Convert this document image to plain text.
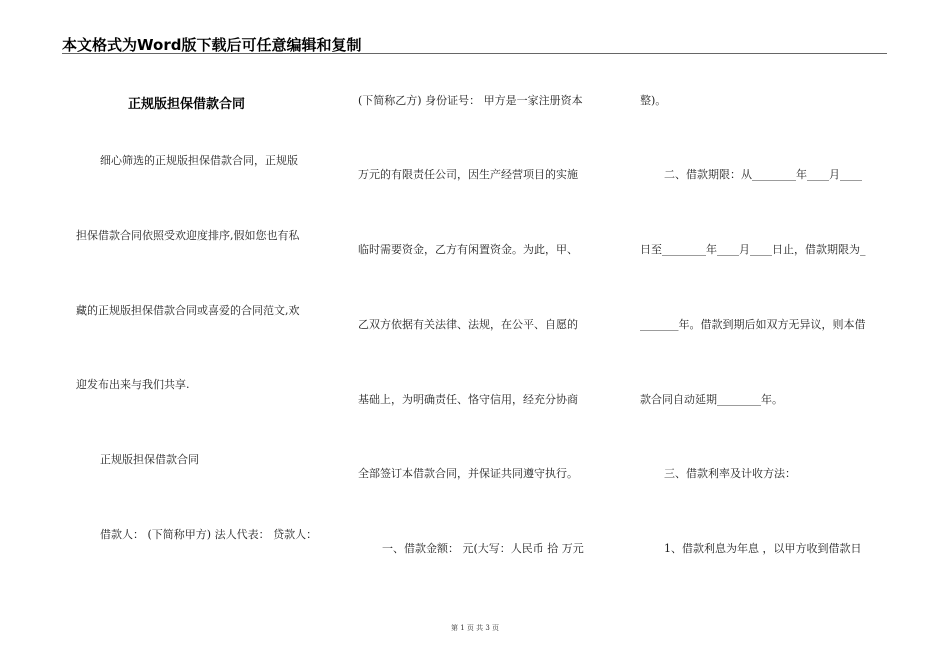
本文格式为Word版下载后可任意编辑和复制
正规版担保借款合同
细心筛选的正规版担保借款合同，正规版
担保借款合同依照受欢迎度排序,假如您也有私
藏的正规版担保借款合同或喜爱的合同范文,欢
迎发布出来与我们共享.
正规版担保借款合同
借款人： (下简称甲方) 法人代表： 贷款人：
(下简称乙方) 身份证号： 甲方是一家注册资本
万元的有限责任公司，因生产经营项目的实施
临时需要资金，乙方有闲置资金。为此，甲、
乙双方依据有关法律、法规，在公平、自愿的
基础上，为明确责任、恪守信用，经充分协商
全部签订本借款合同，并保证共同遵守执行。
一、借款金额： 元(大写：人民币 拾 万元
整)。
二、借款期限：从________年____月____
日至________年____月____日止，借款期限为_
_______年。借款到期后如双方无异议，则本借
款合同自动延期________年。
三、借款利率及计收方法：
1、借款利息为年息 ，以甲方收到借款日
第 1 页 共 3 页
